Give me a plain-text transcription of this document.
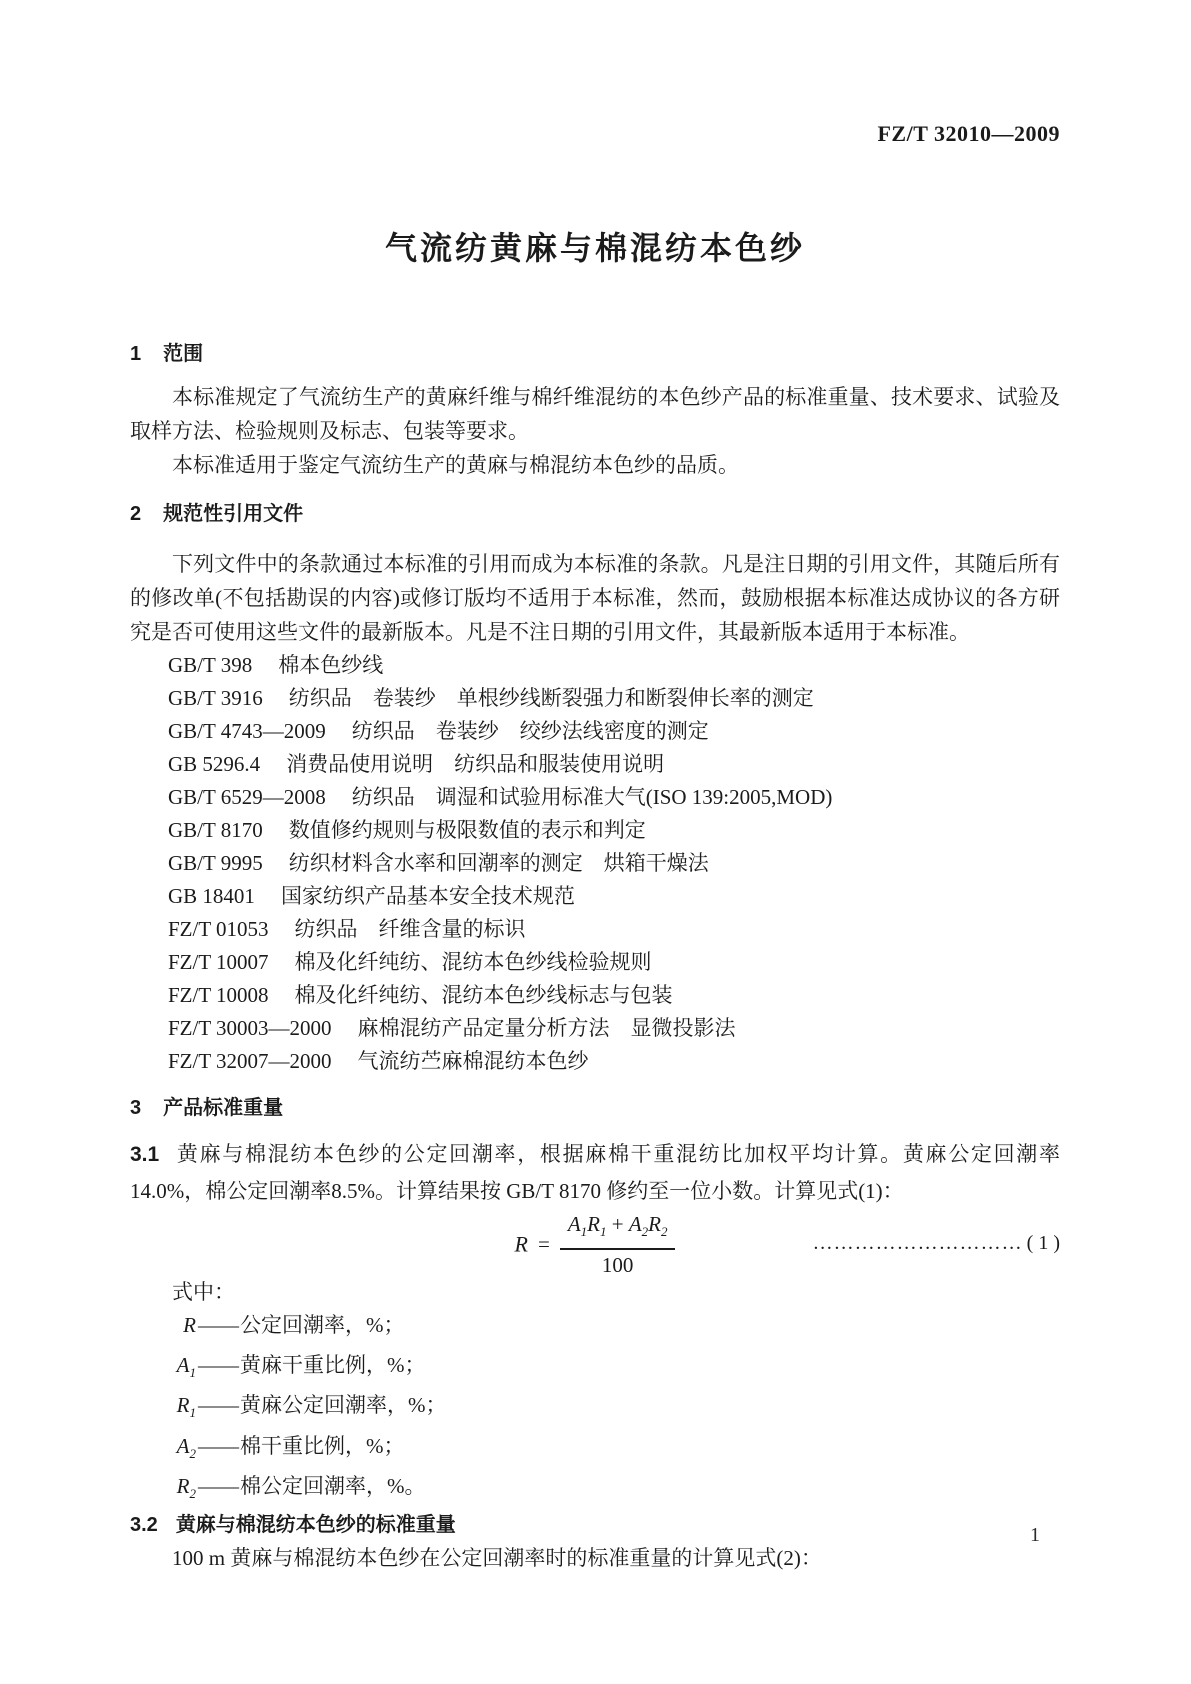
FZ/T 32010—2009
气流纺黄麻与棉混纺本色纱
1 范围

本标准规定了气流纺生产的黄麻纤维与棉纤维混纺的本色纱产品的标准重量、技术要求、试验及取样方法、检验规则及标志、包装等要求。

本标准适用于鉴定气流纺生产的黄麻与棉混纺本色纱的品质。

2 规范性引用文件

下列文件中的条款通过本标准的引用而成为本标准的条款。凡是注日期的引用文件，其随后所有的修改单(不包括勘误的内容)或修订版均不适用于本标准，然而，鼓励根据本标准达成协议的各方研究是否可使用这些文件的最新版本。凡是不注日期的引用文件，其最新版本适用于本标准。

GB/T 398 棉本色纱线
GB/T 3916 纺织品　卷装纱　单根纱线断裂强力和断裂伸长率的测定
GB/T 4743—2009 纺织品　卷装纱　绞纱法线密度的测定
GB 5296.4 消费品使用说明　纺织品和服装使用说明
GB/T 6529—2008 纺织品　调湿和试验用标准大气(ISO 139:2005,MOD)
GB/T 8170 数值修约规则与极限数值的表示和判定
GB/T 9995 纺织材料含水率和回潮率的测定　烘箱干燥法
GB 18401 国家纺织产品基本安全技术规范
FZ/T 01053 纺织品　纤维含量的标识
FZ/T 10007 棉及化纤纯纺、混纺本色纱线检验规则
FZ/T 10008 棉及化纤纯纺、混纺本色纱线标志与包装
FZ/T 30003—2000 麻棉混纺产品定量分析方法　显微投影法
FZ/T 32007—2000 气流纺苎麻棉混纺本色纱
3 产品标准重量

3.1 黄麻与棉混纺本色纱的公定回潮率，根据麻棉干重混纺比加权平均计算。黄麻公定回潮率14.0%，棉公定回潮率8.5%。计算结果按 GB/T 8170 修约至一位小数。计算见式(1)：

$R = \frac{A_1R_1 + A_2R_2}{100}$	………………………… ( 1 )

式中：

R——公定回潮率，%；
$A_1——$黄麻干重比例，%；
$R_1——$黄麻公定回潮率，%；
$A_2——$棉干重比例，%；
$R_2——$棉公定回潮率，%。
3.2 黄麻与棉混纺本色纱的标准重量

100 m 黄麻与棉混纺本色纱在公定回潮率时的标准重量的计算见式(2)：

1
